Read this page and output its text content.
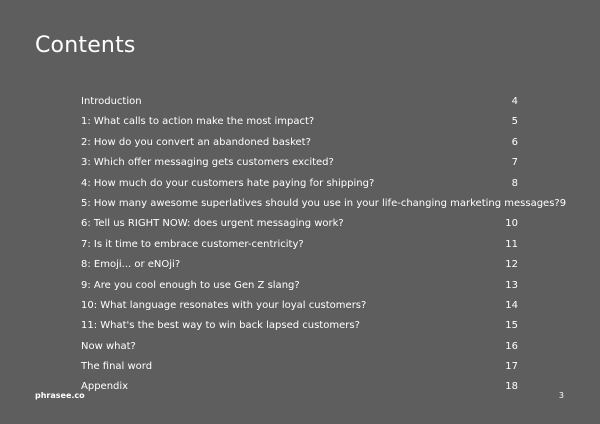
Contents
Introduction	4
1: What calls to action make the most impact?	5
2: How do you convert an abandoned basket?	6
3: Which offer messaging gets customers excited?	7
4: How much do your customers hate paying for shipping?	8
5: How many awesome superlatives should you use in your life-changing marketing messages? 9
6: Tell us RIGHT NOW: does urgent messaging work?	10
7: Is it time to embrace customer-centricity?	11
8: Emoji... or eNOji?	12
9: Are you cool enough to use Gen Z slang?	13
10: What language resonates with your loyal customers?	14
11: What's the best way to win back lapsed customers?	15
Now what?	16
The final word	17
Appendix	18
phrasee.co	3
